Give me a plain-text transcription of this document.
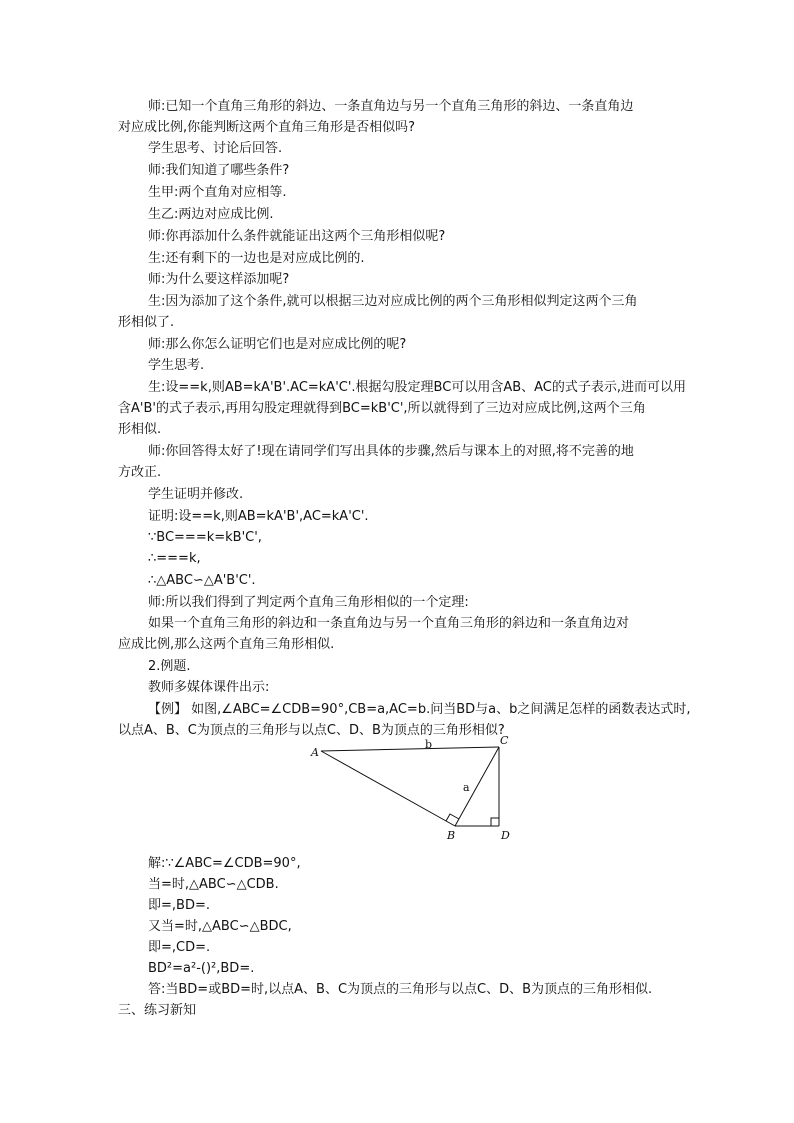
师:已知一个直角三角形的斜边、一条直角边与另一个直角三角形的斜边、一条直角边
对应成比例,你能判断这两个直角三角形是否相似吗?
学生思考、讨论后回答.
师:我们知道了哪些条件?
生甲:两个直角对应相等.
生乙:两边对应成比例.
师:你再添加什么条件就能证出这两个三角形相似呢?
生:还有剩下的一边也是对应成比例的.
师:为什么要这样添加呢?
生:因为添加了这个条件,就可以根据三边对应成比例的两个三角形相似判定这两个三角
形相似了.
师:那么你怎么证明它们也是对应成比例的呢?
学生思考.
生:设==k,则AB=kA'B'.AC=kA'C'.根据勾股定理BC可以用含AB、AC的式子表示,进而可以用
含A'B'的式子表示,再用勾股定理就得到BC=kB'C',所以就得到了三边对应成比例,这两个三角
形相似.
师:你回答得太好了!现在请同学们写出具体的步骤,然后与课本上的对照,将不完善的地
方改正.
学生证明并修改.
证明:设==k,则AB=kA'B',AC=kA'C'.
∵BC===k=kB'C',
∴===k,
∴△ABC∽△A'B'C'.
师:所以我们得到了判定两个直角三角形相似的一个定理:
如果一个直角三角形的斜边和一条直角边与另一个直角三角形的斜边和一条直角边对
应成比例,那么这两个直角三角形相似.
2.例题.
教师多媒体课件出示:
【例】 如图,∠ABC=∠CDB=90°,CB=a,AC=b.问当BD与a、b之间满足怎样的函数表达式时,
以点A、B、C为顶点的三角形与以点C、D、B为顶点的三角形相似?
A
C
B	D
b
a
解:∵∠ABC=∠CDB=90°,
当=时,△ABC∽△CDB.
即=,BD=.
又当=时,△ABC∽△BDC,
即=,CD=.
BD²=a²-()²,BD=.
答:当BD=或BD=时,以点A、B、C为顶点的三角形与以点C、D、B为顶点的三角形相似.
三、练习新知
